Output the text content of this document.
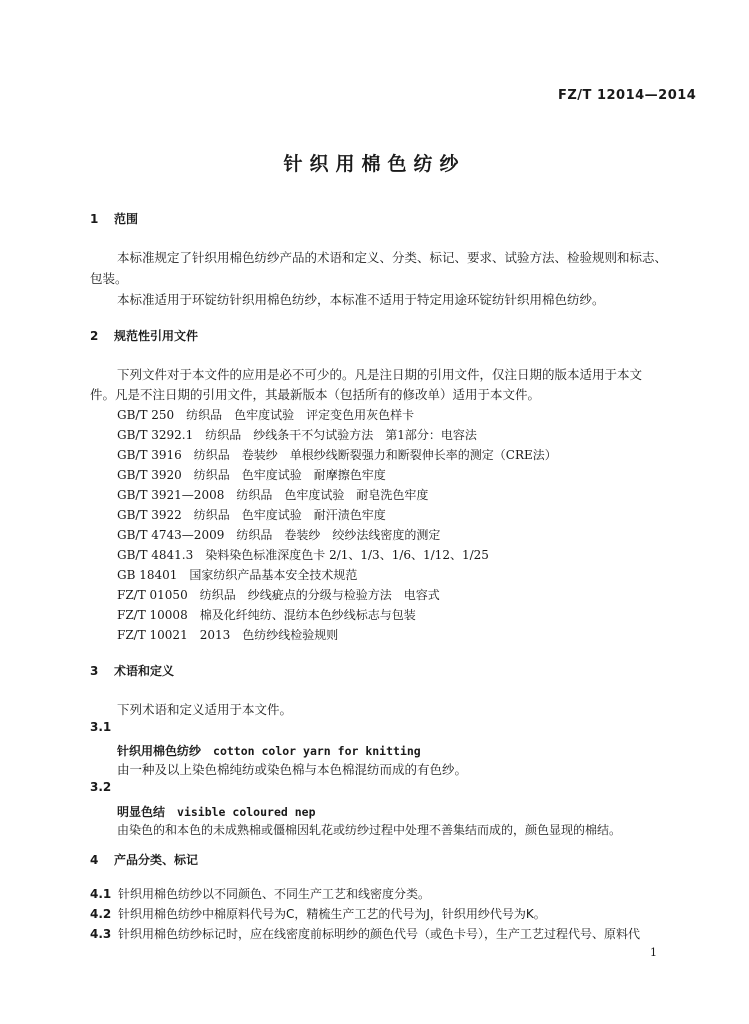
FZ/T 12014—2014
针织用棉色纺纱
1 范围
本标准规定了针织用棉色纺纱产品的术语和定义、分类、标记、要求、试验方法、检验规则和标志、
包装。
本标准适用于环锭纺针织用棉色纺纱，本标准不适用于特定用途环锭纺针织用棉色纺纱。
2 规范性引用文件
下列文件对于本文件的应用是必不可少的。凡是注日期的引用文件，仅注日期的版本适用于本文
件。凡是不注日期的引用文件，其最新版本（包括所有的修改单）适用于本文件。
GB/T 250　纺织品　色牢度试验　评定变色用灰色样卡
GB/T 3292.1　纺织品　纱线条干不匀试验方法　第1部分：电容法
GB/T 3916　纺织品　卷装纱　单根纱线断裂强力和断裂伸长率的测定（CRE法）
GB/T 3920　纺织品　色牢度试验　耐摩擦色牢度
GB/T 3921—2008　纺织品　色牢度试验　耐皂洗色牢度
GB/T 3922　纺织品　色牢度试验　耐汗渍色牢度
GB/T 4743—2009　纺织品　卷装纱　绞纱法线密度的测定
GB/T 4841.3　染料染色标准深度色卡 2/1、1/3、1/6、1/12、1/25
GB 18401　国家纺织产品基本安全技术规范
FZ/T 01050　纺织品　纱线疵点的分级与检验方法　电容式
FZ/T 10008　棉及化纤纯纺、混纺本色纱线标志与包装
FZ/T 10021　2013　色纺纱线检验规则
3 术语和定义
下列术语和定义适用于本文件。
3.1
针织用棉色纺纱 cotton color yarn for knitting
由一种及以上染色棉纯纺或染色棉与本色棉混纺而成的有色纱。
3.2
明显色结 visible coloured nep
由染色的和本色的未成熟棉或僵棉因轧花或纺纱过程中处理不善集结而成的，颜色显现的棉结。
4 产品分类、标记
4.1 针织用棉色纺纱以不同颜色、不同生产工艺和线密度分类。
4.2 针织用棉色纺纱中棉原料代号为C，精梳生产工艺的代号为J，针织用纱代号为K。
4.3 针织用棉色纺纱标记时，应在线密度前标明纱的颜色代号（或色卡号），生产工艺过程代号、原料代
1
